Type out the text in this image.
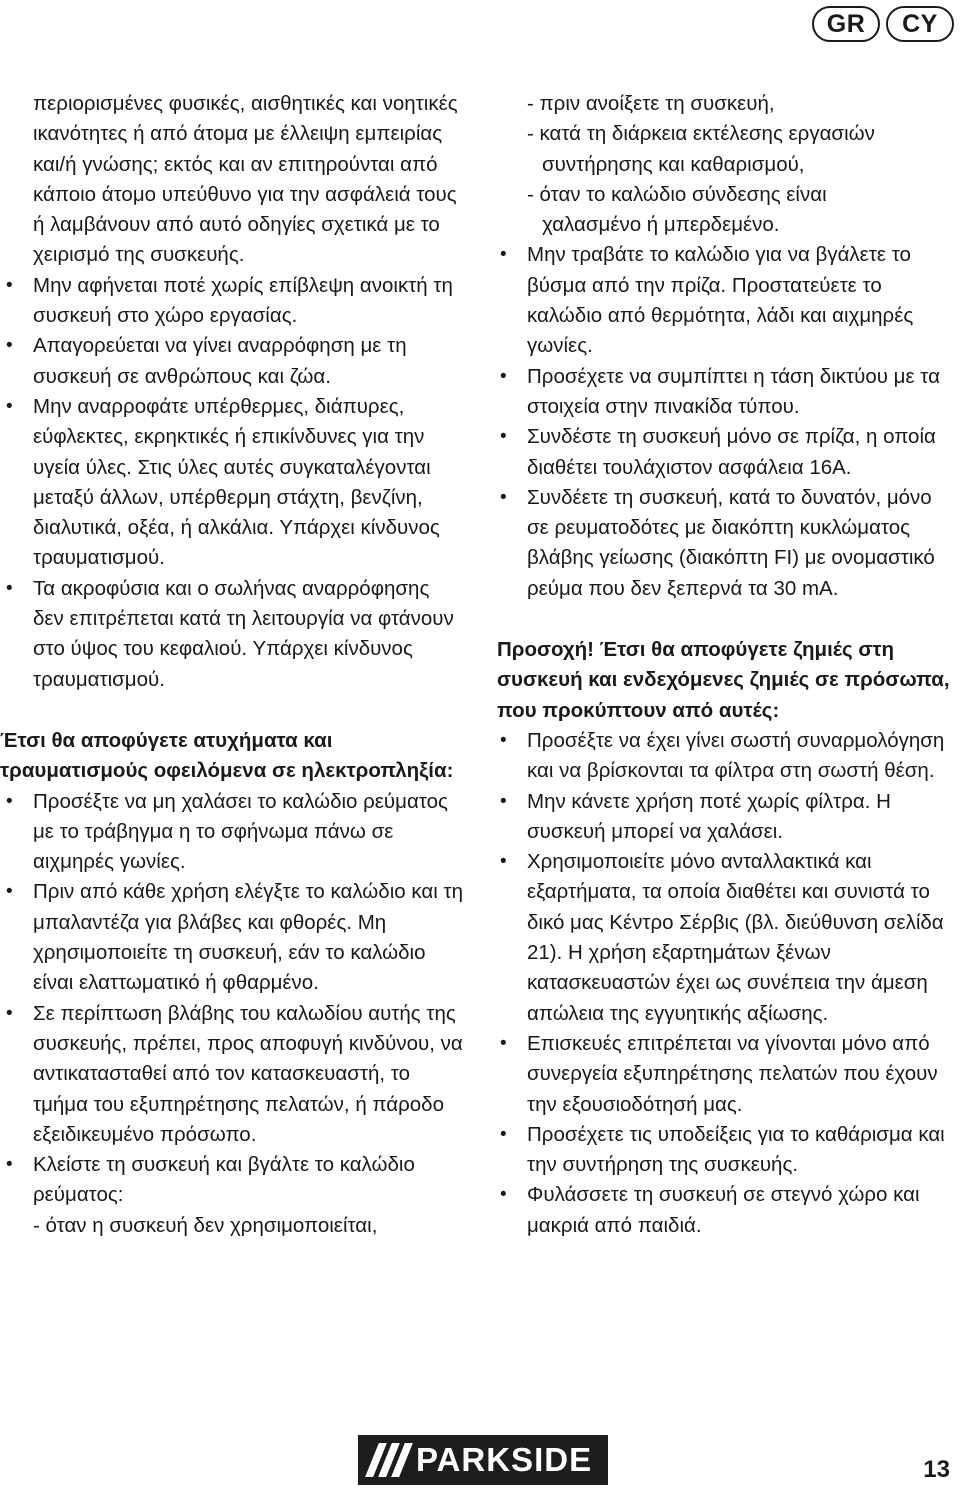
GR	CY

περιορισμένες φυσικές, αισθητικές και νοητικές ικανότητες ή από άτομα με έλλειψη εμπειρίας και/ή γνώσης; εκτός και αν επιτηρούνται από κάποιο άτομο υπεύθυνο για την ασφάλειά τους ή λαμβάνουν από αυτό οδηγίες σχετικά με το χειρισμό της συσκευής.

• Μην αφήνεται ποτέ χωρίς επίβλεψη ανοικτή τη συσκευή στο χώρο εργασίας.
• Απαγορεύεται να γίνει αναρρόφηση με τη συσκευή σε ανθρώπους και ζώα.
• Μην αναρροφάτε υπέρθερμες, διάπυρες, εύφλεκτες, εκρηκτικές ή επικίνδυνες για την υγεία ύλες. Στις ύλες αυτές συγκαταλέγονται μεταξύ άλλων, υπέρθερμη στάχτη, βενζίνη, διαλυτικά, οξέα, ή αλκάλια. Υπάρχει κίνδυνος τραυματισμού.
• Τα ακροφύσια και ο σωλήνας αναρρόφησης δεν επιτρέπεται κατά τη λειτουργία να φτάνουν στο ύψος του κεφαλιού. Υπάρχει κίνδυνος τραυματισμού.

Έτσι θα αποφύγετε ατυχήματα και τραυματισμούς οφειλόμενα σε ηλεκτροπληξία:

• Προσέξτε να μη χαλάσει το καλώδιο ρεύματος με το τράβηγμα η το σφήνωμα πάνω σε αιχμηρές γωνίες.
• Πριν από κάθε χρήση ελέγξτε το καλώδιο και τη μπαλαντέζα για βλάβες και φθορές. Μη χρησιμοποιείτε τη συσκευή, εάν το καλώδιο είναι ελαττωματικό ή φθαρμένο.
• Σε περίπτωση βλάβης του καλωδίου αυτής της συσκευής, πρέπει, προς αποφυγή κινδύνου, να αντικατασταθεί από τον κατασκευαστή, το τμήμα του εξυπηρέτησης πελατών, ή πάροδο εξειδικευμένο πρόσωπο.
• Κλείστε τη συσκευή και βγάλτε το καλώδιο ρεύματος:

- όταν η συσκευή δεν χρησιμοποιείται,

- πριν ανοίξετε τη συσκευή,

- κατά τη διάρκεια εκτέλεσης εργασιών

συντήρησης και καθαρισμού,

- όταν το καλώδιο σύνδεσης είναι

χαλασμένο ή μπερδεμένο.

• Μην τραβάτε το καλώδιο για να βγάλετε το βύσμα από την πρίζα. Προστατεύετε το καλώδιο από θερμότητα, λάδι και αιχμηρές γωνίες.
• Προσέχετε να συμπίπτει η τάση δικτύου με τα στοιχεία στην πινακίδα τύπου.
• Συνδέστε τη συσκευή μόνο σε πρίζα, η οποία διαθέτει τουλάχιστον ασφάλεια 16Α.
• Συνδέετε τη συσκευή, κατά το δυνατόν, μόνο σε ρευματοδότες με διακόπτη κυκλώματος βλάβης γείωσης (διακόπτη FI) με ονομαστικό ρεύμα που δεν ξεπερνά τα 30 mA.

Προσοχή! Έτσι θα αποφύγετε ζημιές στη συσκευή και ενδεχόμενες ζημιές σε πρόσωπα, που προκύπτουν από αυτές:

• Προσέξτε να έχει γίνει σωστή συναρμολόγηση και να βρίσκονται τα φίλτρα στη σωστή θέση.
• Μην κάνετε χρήση ποτέ χωρίς φίλτρα. Η συσκευή μπορεί να χαλάσει.
• Χρησιμοποιείτε μόνο ανταλλακτικά και εξαρτήματα, τα οποία διαθέτει και συνιστά το δικό μας Κέντρο Σέρβις (βλ. διεύθυνση σελίδα 21). Η χρήση εξαρτημάτων ξένων κατασκευαστών έχει ως συνέπεια την άμεση απώλεια της εγγυητικής αξίωσης.
• Επισκευές επιτρέπεται να γίνονται μόνο από συνεργεία εξυπηρέτησης πελατών που έχουν την εξουσιοδότησή μας.
• Προσέχετε τις υποδείξεις για το καθάρισμα και την συντήρηση της συσκευής.
• Φυλάσσετε τη συσκευή σε στεγνό χώρο και μακριά από παιδιά.
PARKSIDE	13
